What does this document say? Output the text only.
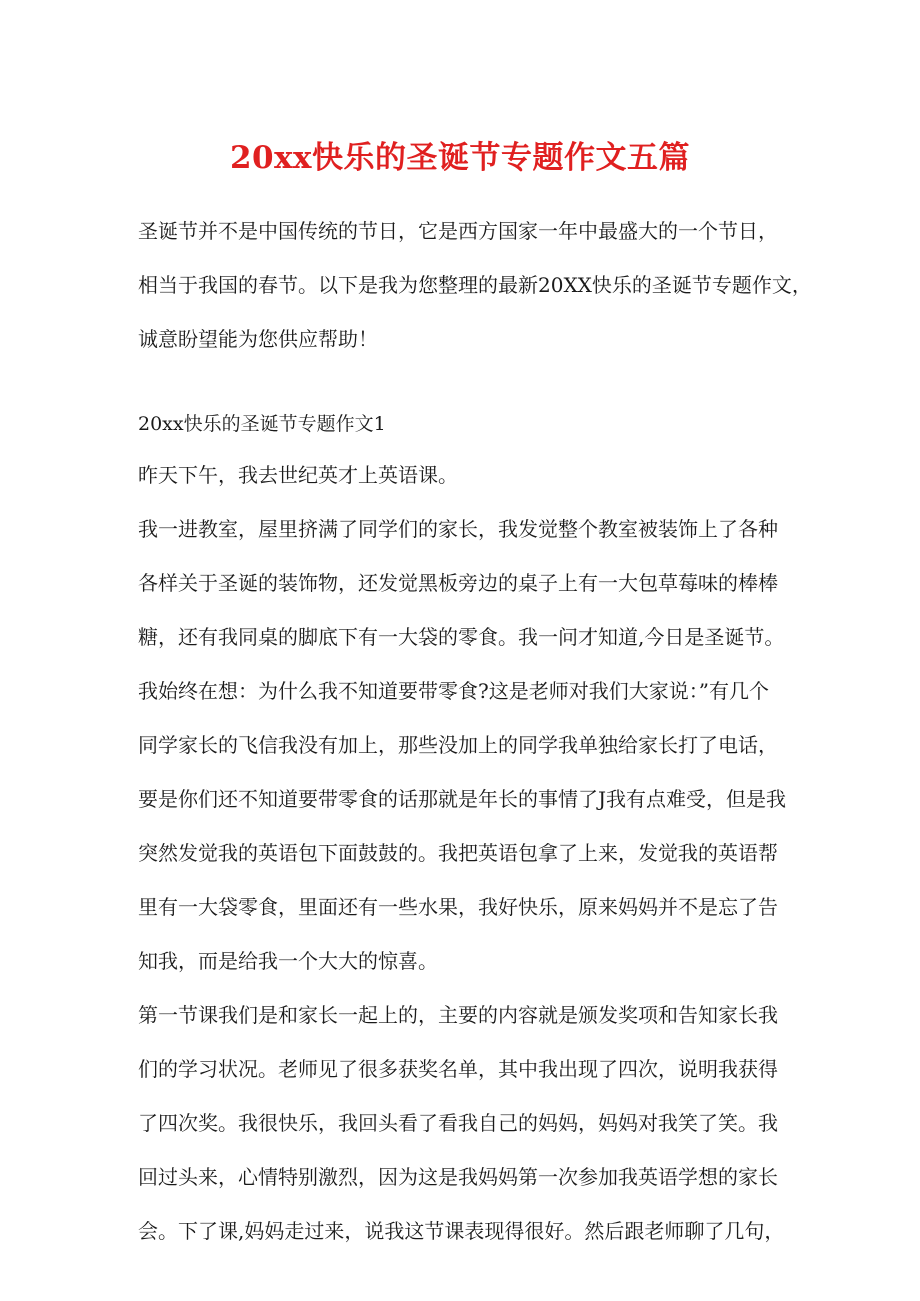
20xx快乐的圣诞节专题作文五篇
圣诞节并不是中国传统的节日，它是西方国家一年中最盛大的一个节日，
相当于我国的春节。以下是我为您整理的最新20XX快乐的圣诞节专题作文，
诚意盼望能为您供应帮助！
20xx快乐的圣诞节专题作文1
昨天下午，我去世纪英才上英语课。
我一进教室，屋里挤满了同学们的家长，我发觉整个教室被装饰上了各种
各样关于圣诞的装饰物，还发觉黑板旁边的桌子上有一大包草莓味的棒棒
糖，还有我同桌的脚底下有一大袋的零食。我一问才知道,今日是圣诞节。
我始终在想：为什么我不知道要带零食?这是老师对我们大家说：”有几个
同学家长的飞信我没有加上，那些没加上的同学我单独给家长打了电话，
要是你们还不知道要带零食的话那就是年长的事情了J我有点难受，但是我
突然发觉我的英语包下面鼓鼓的。我把英语包拿了上来，发觉我的英语帮
里有一大袋零食，里面还有一些水果，我好快乐，原来妈妈并不是忘了告
知我，而是给我一个大大的惊喜。
第一节课我们是和家长一起上的，主要的内容就是颁发奖项和告知家长我
们的学习状况。老师见了很多获奖名单，其中我出现了四次，说明我获得
了四次奖。我很快乐，我回头看了看我自己的妈妈，妈妈对我笑了笑。我
回过头来，心情特别激烈，因为这是我妈妈第一次参加我英语学想的家长
会。下了课,妈妈走过来，说我这节课表现得很好。然后跟老师聊了几句，
